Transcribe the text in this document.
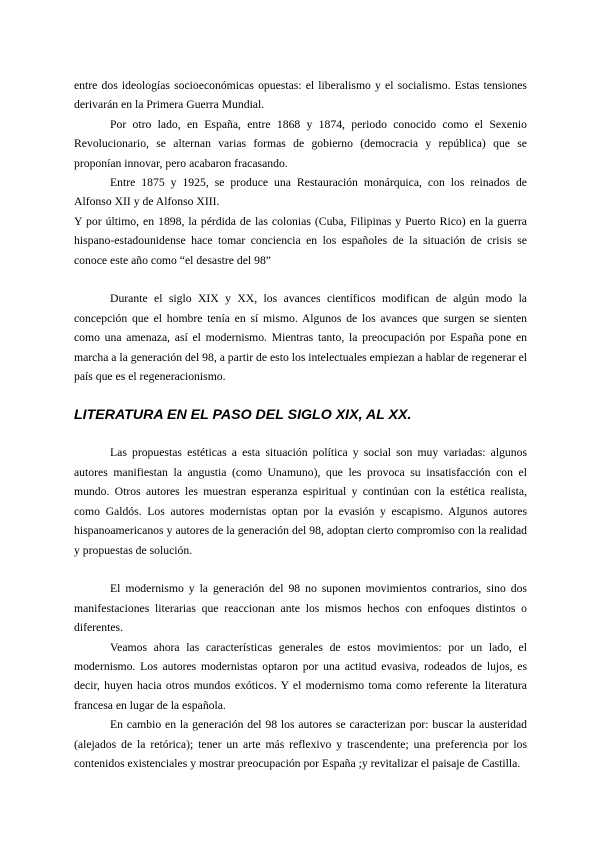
entre dos ideologías socioeconómicas opuestas: el liberalismo y el socialismo. Estas tensiones derivarán en la Primera Guerra Mundial.

Por otro lado, en España, entre 1868 y 1874, periodo conocido como el Sexenio Revolucionario, se alternan varias formas de gobierno (democracia y república) que se proponían innovar, pero acabaron fracasando.

Entre 1875 y 1925, se produce una Restauración monárquica, con los reinados de Alfonso XII y de Alfonso XIII.

Y por último, en 1898, la pérdida de las colonias (Cuba, Filipinas y Puerto Rico) en la guerra hispano-estadounidense hace tomar conciencia en los españoles de la situación de crisis se conoce este año como “el desastre del 98”

Durante el siglo XIX y XX, los avances científicos modifican de algún modo la concepción que el hombre tenía en sí mismo. Algunos de los avances que surgen se sienten como una amenaza, así el modernismo. Mientras tanto, la preocupación por España pone en marcha a la generación del 98, a partir de esto los intelectuales empiezan a hablar de regenerar el país que es el regeneracionismo.

LITERATURA EN EL PASO DEL SIGLO XIX, AL XX.

Las propuestas estéticas a esta situación política y social son muy variadas: algunos autores manifiestan la angustia (como Unamuno), que les provoca su insatisfacción con el mundo. Otros autores les muestran esperanza espiritual y continúan con la estética realista, como Galdós. Los autores modernistas optan por la evasión y escapismo. Algunos autores hispanoamericanos y autores de la generación del 98, adoptan cierto compromiso con la realidad y propuestas de solución.

El modernismo y la generación del 98 no suponen movimientos contrarios, sino dos manifestaciones literarias que reaccionan ante los mismos hechos con enfoques distintos o diferentes.

Veamos ahora las características generales de estos movimientos: por un lado, el modernismo. Los autores modernistas optaron por una actitud evasiva, rodeados de lujos, es decir, huyen hacia otros mundos exóticos. Y el modernismo toma como referente la literatura francesa en lugar de la española.

En cambio en la generación del 98 los autores se caracterizan por: buscar la austeridad (alejados de la retórica); tener un arte más reflexivo y trascendente; una preferencia por los contenidos existenciales y mostrar preocupación por España ;y revitalizar el paisaje de Castilla.
